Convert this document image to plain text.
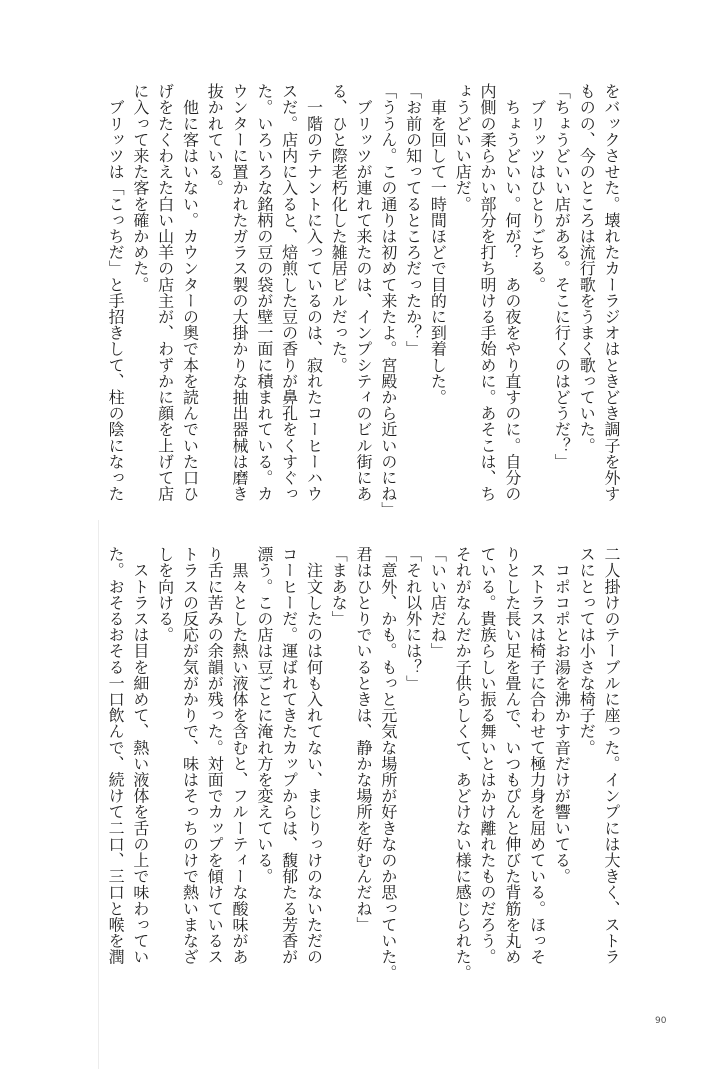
をバックさせた。壊れたカーラジオはときどき調子を外す
ものの、今のところは流行歌をうまく歌っていた。
「ちょうどいい店がある。そこに行くのはどうだ？」
　ブリッツはひとりごちる。
　ちょうどいい。何が？　あの夜をやり直すのに。自分の
内側の柔らかい部分を打ち明ける手始めに。あそこは、ち
ょうどいい店だ。
　車を回して一時間ほどで目的に到着した。
「お前の知ってるところだったか？」
「ううん。この通りは初めて来たよ。宮殿から近いのにね」
　ブリッツが連れて来たのは、インプシティのビル街にあ
る、ひと際老朽化した雑居ビルだった。
　一階のテナントに入っているのは、寂れたコーヒーハウ
スだ。店内に入ると、焙煎した豆の香りが鼻孔をくすぐっ
た。いろいろな銘柄の豆の袋が壁一面に積まれている。カ
ウンターに置かれたガラス製の大掛かりな抽出器械は磨き
抜かれている。
　他に客はいない。カウンターの奥で本を読んでいた口ひ
げをたくわえた白い山羊の店主が、わずかに顔を上げて店
に入って来た客を確かめた。
　ブリッツは「こっちだ」と手招きして、柱の陰になった
二人掛けのテーブルに座った。インプには大きく、ストラ
スにとっては小さな椅子だ。
　コポコポとお湯を沸かす音だけが響いてる。
　ストラスは椅子に合わせて極力身を屈めている。ほっそ
りとした長い足を畳んで、いつもぴんと伸びた背筋を丸め
ている。貴族らしい振る舞いとはかけ離れたものだろう。
それがなんだか子供らしくて、あどけない様に感じられた。
「いい店だね」
「それ以外には？」
「意外、かも。もっと元気な場所が好きなのか思っていた。
君はひとりでいるときは、静かな場所を好むんだね」
「まあな」
　注文したのは何も入れてない、まじりっけのないただの
コーヒーだ。運ばれてきたカップからは、馥郁たる芳香が
漂う。この店は豆ごとに淹れ方を変えている。
　黒々とした熱い液体を含むと、フルーティーな酸味があ
り舌に苦みの余韻が残った。対面でカップを傾けているス
トラスの反応が気がかりで、味はそっちのけで熱いまなざ
しを向ける。
　ストラスは目を細めて、熱い液体を舌の上で味わってい
た。おそるおそる一口飲んで、続けて二口、三口と喉を潤
90
